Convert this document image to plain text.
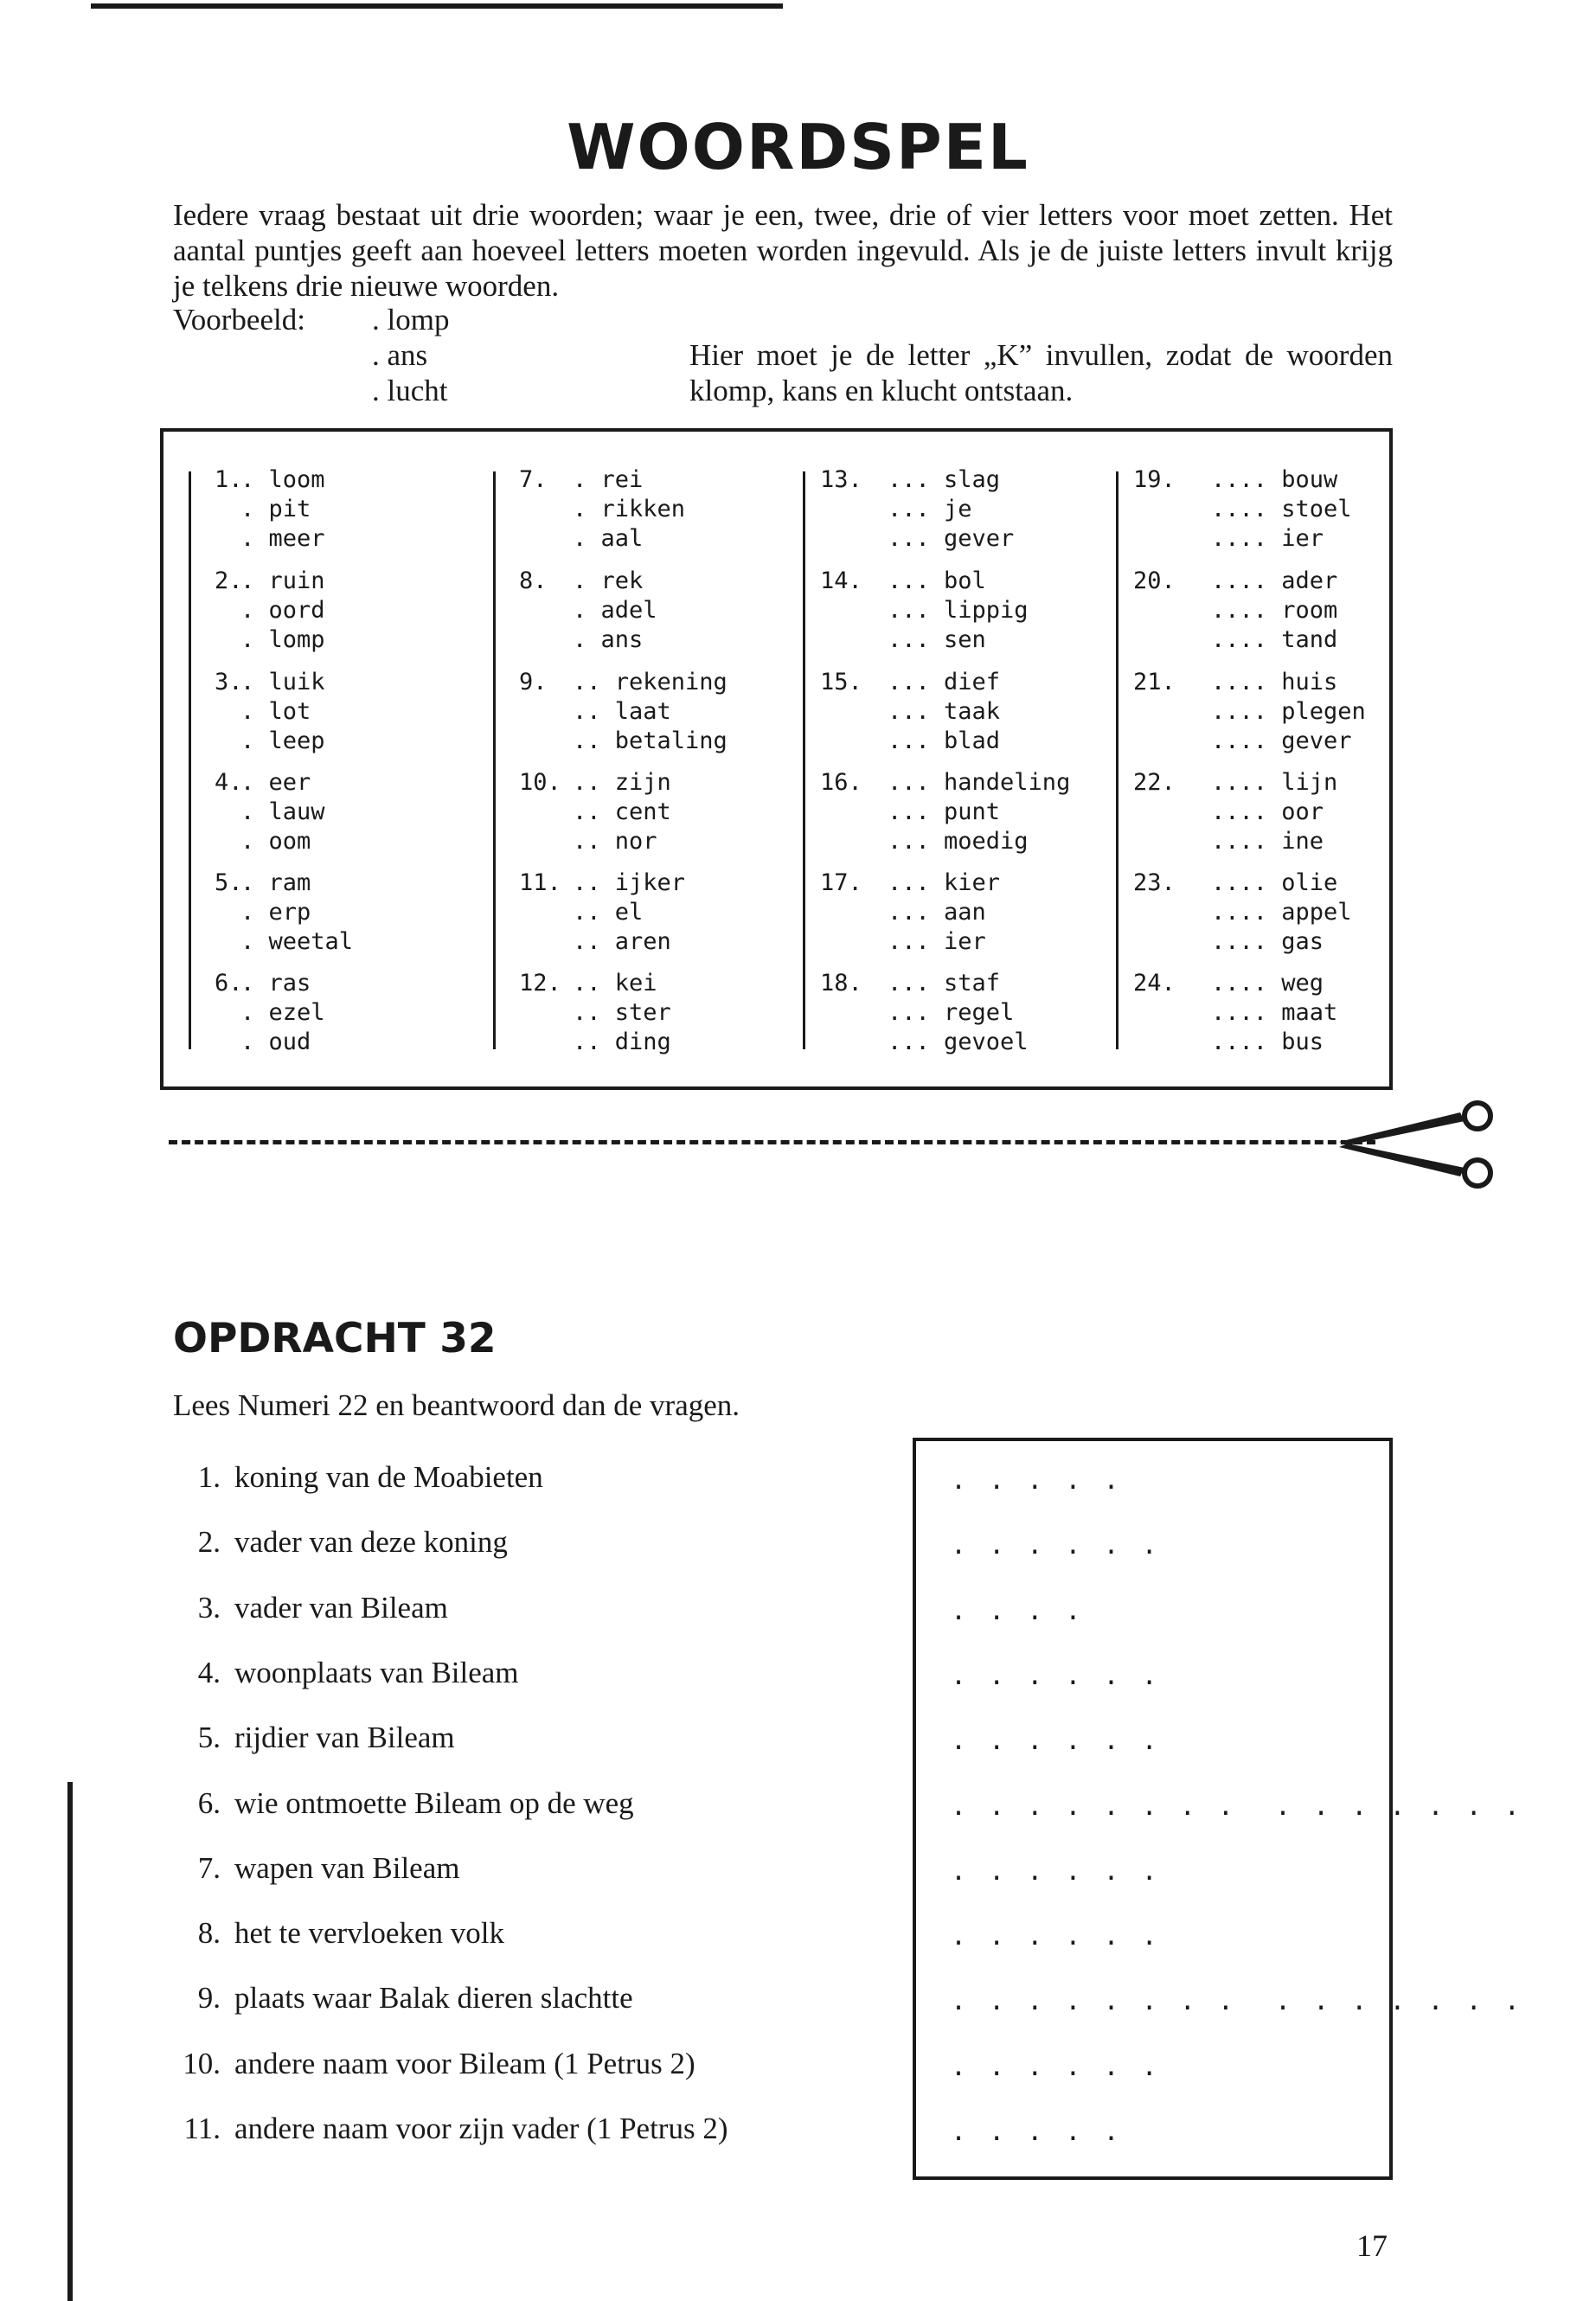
WOORDSPEL
Iedere vraag bestaat uit drie woorden; waar je een, twee, drie of vier letters voor moet zetten. Het aantal puntjes geeft aan hoeveel letters moeten worden ingevuld. Als je de juiste letters invult krijg je telkens drie nieuwe woorden.
Voorbeeld: . lomp
. ans
. lucht
Hier moet je de letter „K” invullen, zodat de woorden klomp, kans en klucht ontstaan.
1.
. loom
. pit
. meer
2.
. ruin
. oord
. lomp
3.
. luik
. lot
. leep
4.
. eer
. lauw
. oom
5.
. ram
. erp
. weetal
6.
. ras
. ezel
. oud
7. . rei
. rikken
. aal
8. . rek
. adel
. ans
9. .. rekening
.. laat
.. betaling
10. .. zijn
.. cent
.. nor
11. .. ijker
.. el
.. aren
12. .. kei
.. ster
.. ding
13. ... slag
... je
... gever
14. ... bol
... lippig
... sen
15. ... dief
... taak
... blad
16. ... handeling
... punt
... moedig
17. ... kier
... aan
... ier
18. ... staf
... regel
... gevoel
19. .... bouw
.... stoel
.... ier
20. .... ader
.... room
.... tand
21. .... huis
.... plegen
.... gever
22. .... lijn
.... oor
.... ine
23. .... olie
.... appel
.... gas
24. .... weg
.... maat
.... bus
OPDRACHT 32
Lees Numeri 22 en beantwoord dan de vragen.
1. koning van de Moabieten
2. vader van deze koning
3. vader van Bileam
4. woonplaats van Bileam
5. rijdier van Bileam
6. wie ontmoette Bileam op de weg
7. wapen van Bileam
8. het te vervloeken volk
9. plaats waar Balak dieren slachtte
10. andere naam voor Bileam (1 Petrus 2)
11. andere naam voor zijn vader (1 Petrus 2)
. . . . .
. . . . . .
. . . .
. . . . . .
. . . . . .
. . . . . . . .  . . . . . . .
. . . . . .
. . . . . .
. . . . . . . .  . . . . . . .
. . . . . .
. . . . .
17
